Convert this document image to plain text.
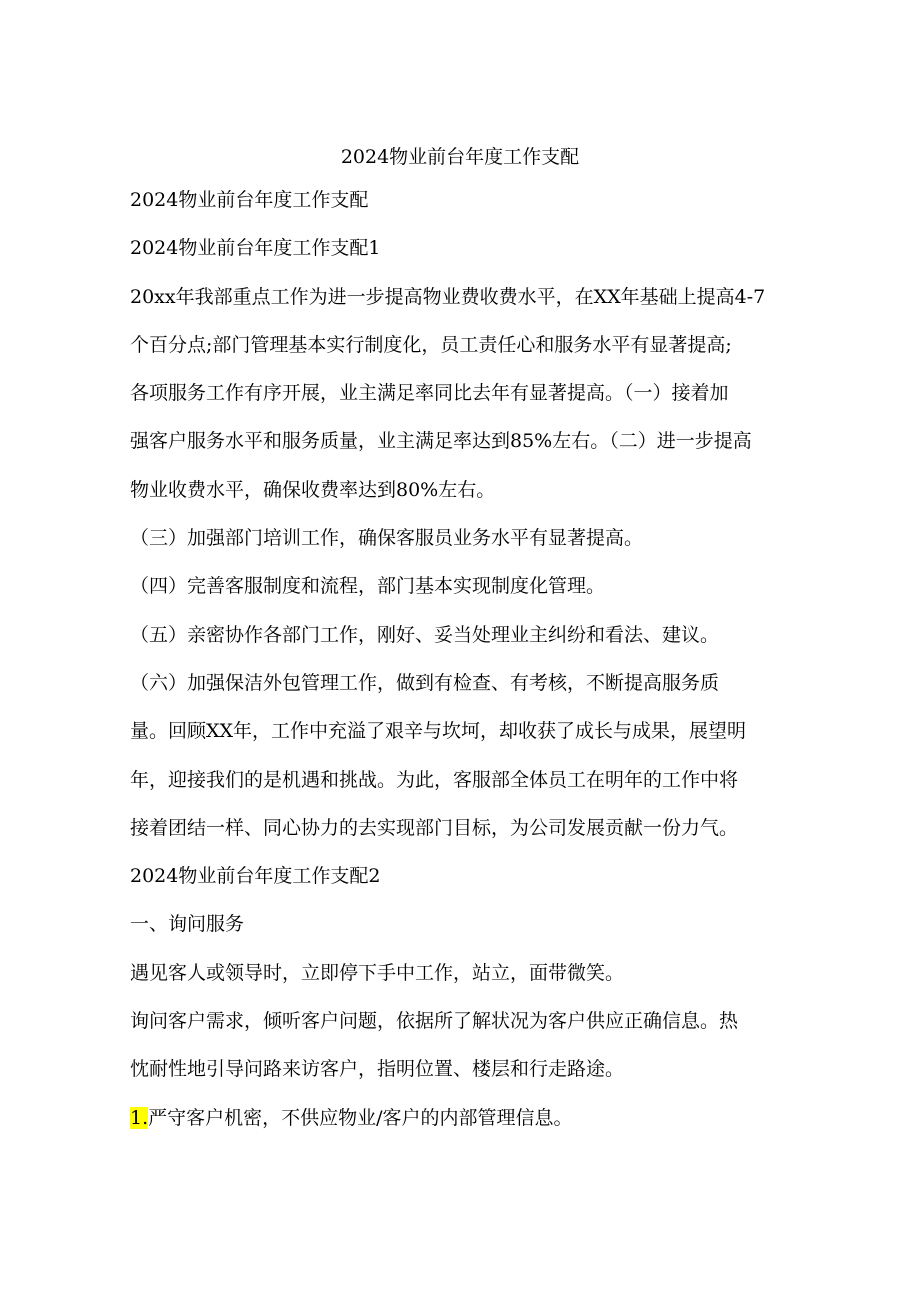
2024物业前台年度工作支配

2024物业前台年度工作支配

2024物业前台年度工作支配1

20xx年我部重点工作为进一步提高物业费收费水平，在XX年基础上提高4-7

个百分点;部门管理基本实行制度化，员工责任心和服务水平有显著提高;

各项服务工作有序开展，业主满足率同比去年有显著提高。（一）接着加

强客户服务水平和服务质量，业主满足率达到85%左右。（二）进一步提高

物业收费水平，确保收费率达到80%左右。

（三）加强部门培训工作，确保客服员业务水平有显著提高。

（四）完善客服制度和流程，部门基本实现制度化管理。

（五）亲密协作各部门工作，刚好、妥当处理业主纠纷和看法、建议。

（六）加强保洁外包管理工作，做到有检查、有考核，不断提高服务质

量。回顾XX年，工作中充溢了艰辛与坎坷，却收获了成长与成果，展望明

年，迎接我们的是机遇和挑战。为此，客服部全体员工在明年的工作中将

接着团结一样、同心协力的去实现部门目标，为公司发展贡献一份力气。

2024物业前台年度工作支配2

一、询问服务

遇见客人或领导时，立即停下手中工作，站立，面带微笑。

询问客户需求，倾听客户问题，依据所了解状况为客户供应正确信息。热

忱耐性地引导问路来访客户，指明位置、楼层和行走路途。

1.严守客户机密，不供应物业/客户的内部管理信息。
